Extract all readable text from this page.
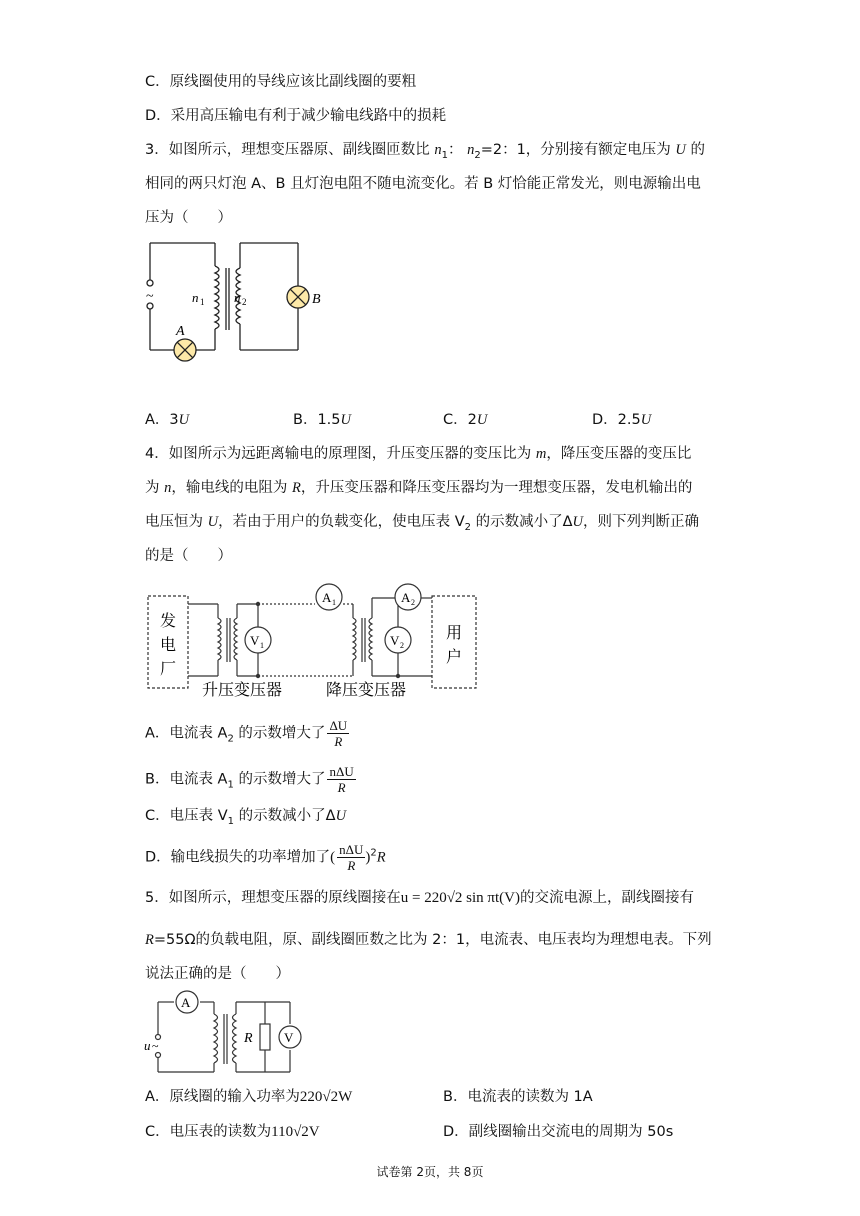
C．原线圈使用的导线应该比副线圈的要粗
D．采用高压输电有利于减少输电线路中的损耗
3．如图所示，理想变压器原、副线圈匝数比 $n_1$： $n_2=2$：1，分别接有额定电压为 U 的
相同的两只灯泡 A、B 且灯泡电阻不随电流变化。若 B 灯恰能正常发光，则电源输出电
压为（　　）
~	n 1 n 2
A
B
A．3U	B．1.5U	C．2U	D．2.5U
4．如图所示为远距离输电的原理图，升压变压器的变压比为 m，降压变压器的变压比
为 n，输电线的电阻为 R，升压变压器和降压变压器均为一理想变压器，发电机输出的
电压恒为 U，若由于用户的负载变化，使电压表 $V_2$ 的示数减小了ΔU，则下列判断正确
的是（　　）
V 1
A 1
V 2
A 2
发
电
厂
用
户
升压变压器	降压变压器
A．电流表 $A_2$ 的示数增大了 $\frac{\Delta U}{R}$
B．电流表 $A_1$ 的示数增大了 $\frac{\text{nΔU}}{R}$
C．电压表 $V_1$ 的示数减小了ΔU
D．输电线损失的功率增加了( $\frac{\text{nΔU}}{R} )^2R$
5．如图所示，理想变压器的原线圈接在u = 220√2 sin πt(V)的交流电源上，副线圈接有
R=55Ω的负载电阻，原、副线圈匝数之比为 2：1，电流表、电压表均为理想电表。下列
说法正确的是（　　）
A
V
R
u ~
A．原线圈的输入功率为220√2W	B．电流表的读数为 1A
C．电压表的读数为110√2V	D．副线圈输出交流电的周期为 50s
试卷第 2页，共 8页
